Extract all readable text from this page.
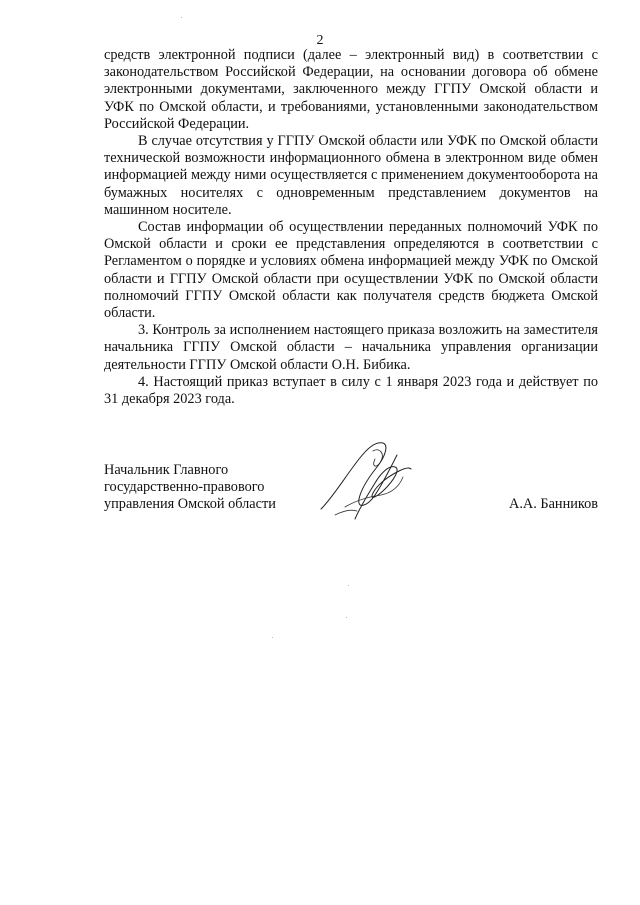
2

средств электронной подписи (далее – электронный вид) в соответствии с законодательством Российской Федерации, на основании договора об обмене электронными документами, заключенного между ГГПУ Омской области и УФК по Омской области, и требованиями, установленными законодательством Российской Федерации.

В случае отсутствия у ГГПУ Омской области или УФК по Омской области технической возможности информационного обмена в электронном виде обмен информацией между ними осуществляется с применением документооборота на бумажных носителях с одновременным представлением документов на машинном носителе.

Состав информации об осуществлении переданных полномочий УФК по Омской области и сроки ее представления определяются в соответствии с Регламентом о порядке и условиях обмена информацией между УФК по Омской области и ГГПУ Омской области при осуществлении УФК по Омской области полномочий ГГПУ Омской области как получателя средств бюджета Омской области.

3. Контроль за исполнением настоящего приказа возложить на заместителя начальника ГГПУ Омской области – начальника управления организации деятельности ГГПУ Омской области О.Н. Бибика.

4. Настоящий приказ вступает в силу с 1 января 2023 года и действует по 31 декабря 2023 года.

Начальник Главного
государственно-правового
управления Омской области	А.А. Банников
